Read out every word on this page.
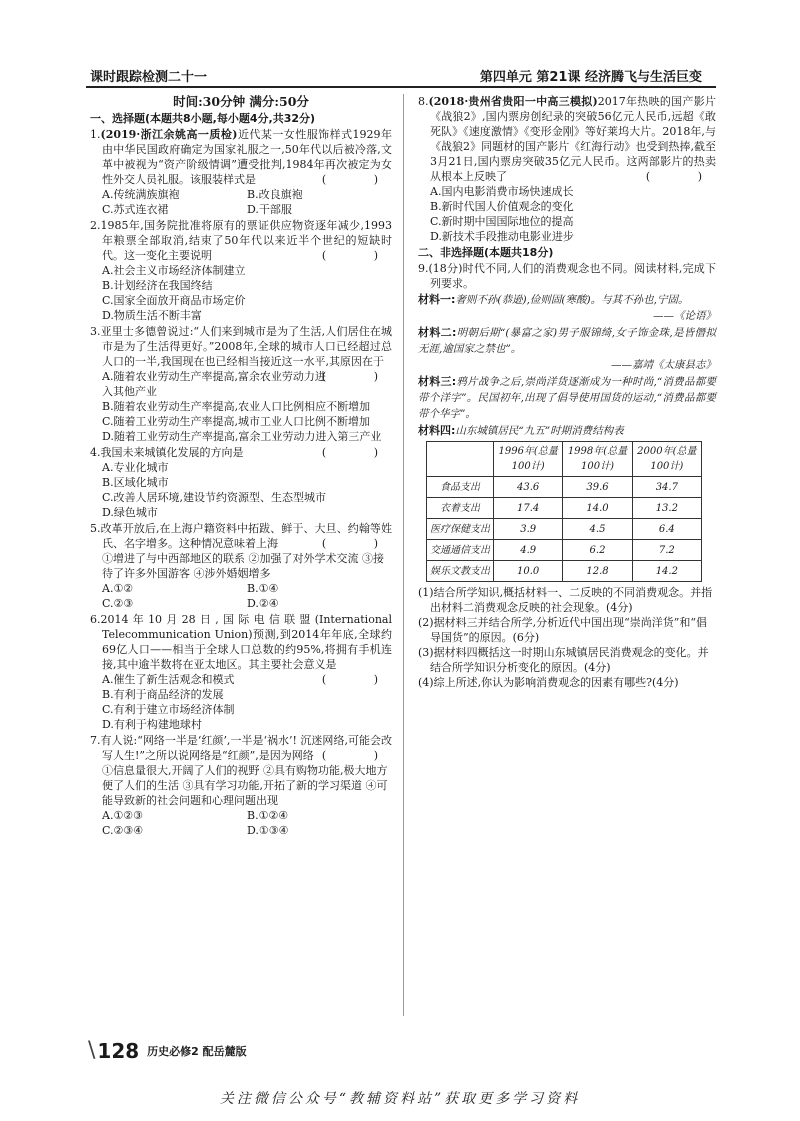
课时跟踪检测二十一	第四单元 第21课 经济腾飞与生活巨变
时间:30分钟 满分:50分
一、选择题(本题共8小题,每小题4分,共32分)
1.(2019·浙江余姚高一质检)近代某一女性服饰样式1929年由中华民国政府确定为国家礼服之一,50年代以后被冷落,文革中被视为“资产阶级情调”遭受批判,1984年再次被定为女性外交人员礼服。该服装样式是	( )
A.传统满族旗袍	B.改良旗袍
C.苏式连衣裙	D.干部服
2.1985年,国务院批准将原有的票证供应物资逐年减少,1993年粮票全部取消,结束了50年代以来近半个世纪的短缺时代。这一变化主要说明	( )
A.社会主义市场经济体制建立
B.计划经济在我国终结
C.国家全面放开商品市场定价
D.物质生活不断丰富
3.亚里士多德曾说过:“人们来到城市是为了生活,人们居住在城市是为了生活得更好。”2008年,全球的城市人口已经超过总人口的一半,我国现在也已经相当接近这一水平,其原因在于
( )
A.随着农业劳动生产率提高,富余农业劳动力进入其他产业
B.随着农业劳动生产率提高,农业人口比例相应不断增加
C.随着工业劳动生产率提高,城市工业人口比例不断增加
D.随着工业劳动生产率提高,富余工业劳动力进入第三产业
4.我国未来城镇化发展的方向是	( )
A.专业化城市
B.区域化城市
C.改善人居环境,建设节约资源型、生态型城市
D.绿色城市
5.改革开放后,在上海户籍资料中拓跋、鲜于、大旦、约翰等姓氏、名字增多。这种情况意味着上海	( )
①增进了与中西部地区的联系 ②加强了对外学术交流 ③接待了许多外国游客 ④涉外婚姻增多
A.①②	B.①④
C.②③	D.②④
6.2014年10月28日,国际电信联盟(International Telecommunication Union)预测,到2014年年底,全球约69亿人口——相当于全球人口总数的约95%,将拥有手机连接,其中逾半数将在亚太地区。其主要社会意义是
( )
A.催生了新生活观念和模式
B.有利于商品经济的发展
C.有利于建立市场经济体制
D.有利于构建地球村
7.有人说:“网络一半是‘红颜’,一半是‘祸水’! 沉迷网络,可能会改写人生!”之所以说网络是“红颜”,是因为网络 ( )
①信息量很大,开阔了人们的视野 ②具有购物功能,极大地方便了人们的生活 ③具有学习功能,开拓了新的学习渠道 ④可能导致新的社会问题和心理问题出现
A.①②③	B.①②④
C.②③④	D.①③④
8.(2018·贵州省贵阳一中高三模拟)2017年热映的国产影片《战狼2》,国内票房创纪录的突破56亿元人民币,远超《敢死队》《速度激情》《变形金刚》等好莱坞大片。2018年,与《战狼2》同题材的国产影片《红海行动》也受到热捧,截至3月21日,国内票房突破35亿元人民币。这两部影片的热卖从根本上反映了	( )
A.国内电影消费市场快速成长
B.新时代国人价值观念的变化
C.新时期中国国际地位的提高
D.新技术手段推动电影业进步
二、非选择题(本题共18分)
9.(18分)时代不同,人们的消费观念也不同。阅读材料,完成下列要求。
材料一:奢则不孙(恭逊),俭则固(寒酸)。与其不孙也,宁固。
——《论语》
材料二:明朝后期“(暴富之家)男子服锦绮,女子饰金珠,是皆僭拟无涯,逾国家之禁也”。
——嘉靖《太康县志》
材料三:鸦片战争之后,崇尚洋货逐渐成为一种时尚,“消费品都要带个洋字”。民国初年,出现了倡导使用国货的运动,“消费品都要带个华字”。
材料四:山东城镇居民“九五”时期消费结构表
	1996年(总量100计)	1998年(总量100计)	2000年(总量100计)
食品支出	43.6	39.6	34.7
衣着支出	17.4	14.0	13.2
医疗保健支出	3.9	4.5	6.4
交通通信支出	4.9	6.2	7.2
娱乐文教支出	10.0	12.8	14.2

(1)结合所学知识,概括材料一、二反映的不同消费观念。并指出材料二消费观念反映的社会现象。(4分)

(2)据材料三并结合所学,分析近代中国出现“崇尚洋货”和“倡导国货”的原因。(6分)

(3)据材料四概括这一时期山东城镇居民消费观念的变化。并结合所学知识分析变化的原因。(4分)

(4)综上所述,你认为影响消费观念的因素有哪些?(4分)

\ 128 历史必修2 配岳麓版
关注微信公众号“教辅资料站”获取更多学习资料
